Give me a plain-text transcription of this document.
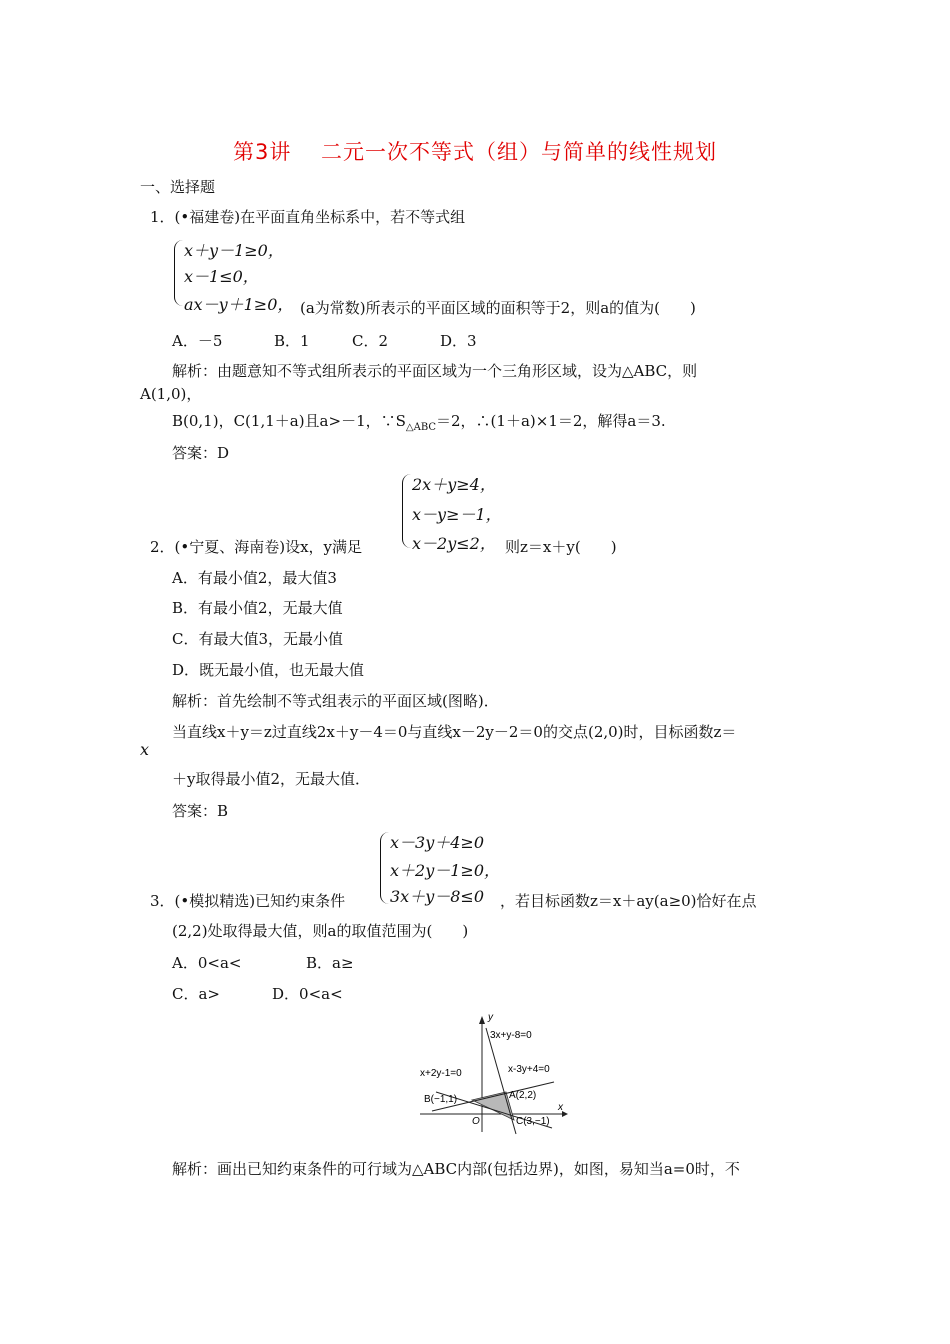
第3讲　 二元一次不等式（组）与简单的线性规划
一、选择题
1．(•福建卷)在平面直角坐标系中，若不等式组
x＋y－1≥0，
x－1≤0，
ax－y＋1≥0， (a为常数)所表示的平面区域的面积等于2，则a的值为(　　)
A．－5	B．1	C．2	D．3
解析：由题意知不等式组所表示的平面区域为一个三角形区域，设为△ABC，则
A(1,0)，
B(0,1)，C(1,1＋a)且a>－1，$\because S_{\triangle ABC}=2$，∴(1＋a)×1＝2，解得a＝3.
答案：D
2x＋y≥4，
x－y≥－1，
x－2y≤2，
2．(•宁夏、海南卷)设x，y满足	则z＝x＋y(　　)
A．有最小值2，最大值3
B．有最小值2，无最大值
C．有最大值3，无最小值
D．既无最小值，也无最大值
解析：首先绘制不等式组表示的平面区域(图略)．
当直线x＋y＝z过直线2x＋y－4＝0与直线x－2y－2＝0的交点(2,0)时，目标函数z＝
x
＋y取得最小值2，无最大值．
答案：B
x－3y＋4≥0
x＋2y－1≥0，
3x＋y－8≤0
3．(•模拟精选)已知约束条件	，若目标函数z＝x＋ay(a≥0)恰好在点
(2,2)处取得最大值，则a的取值范围为(　　)
A．0<a<	B．a≥
C．a>	D．0<a<
y
3x+y-8=0
x-3y+4=0
x+2y-1=0
B(−1,1)	A(2,2)
O	C(3,−1)
x
解析：画出已知约束条件的可行域为△ABC内部(包括边界)，如图，易知当a=0时，不
